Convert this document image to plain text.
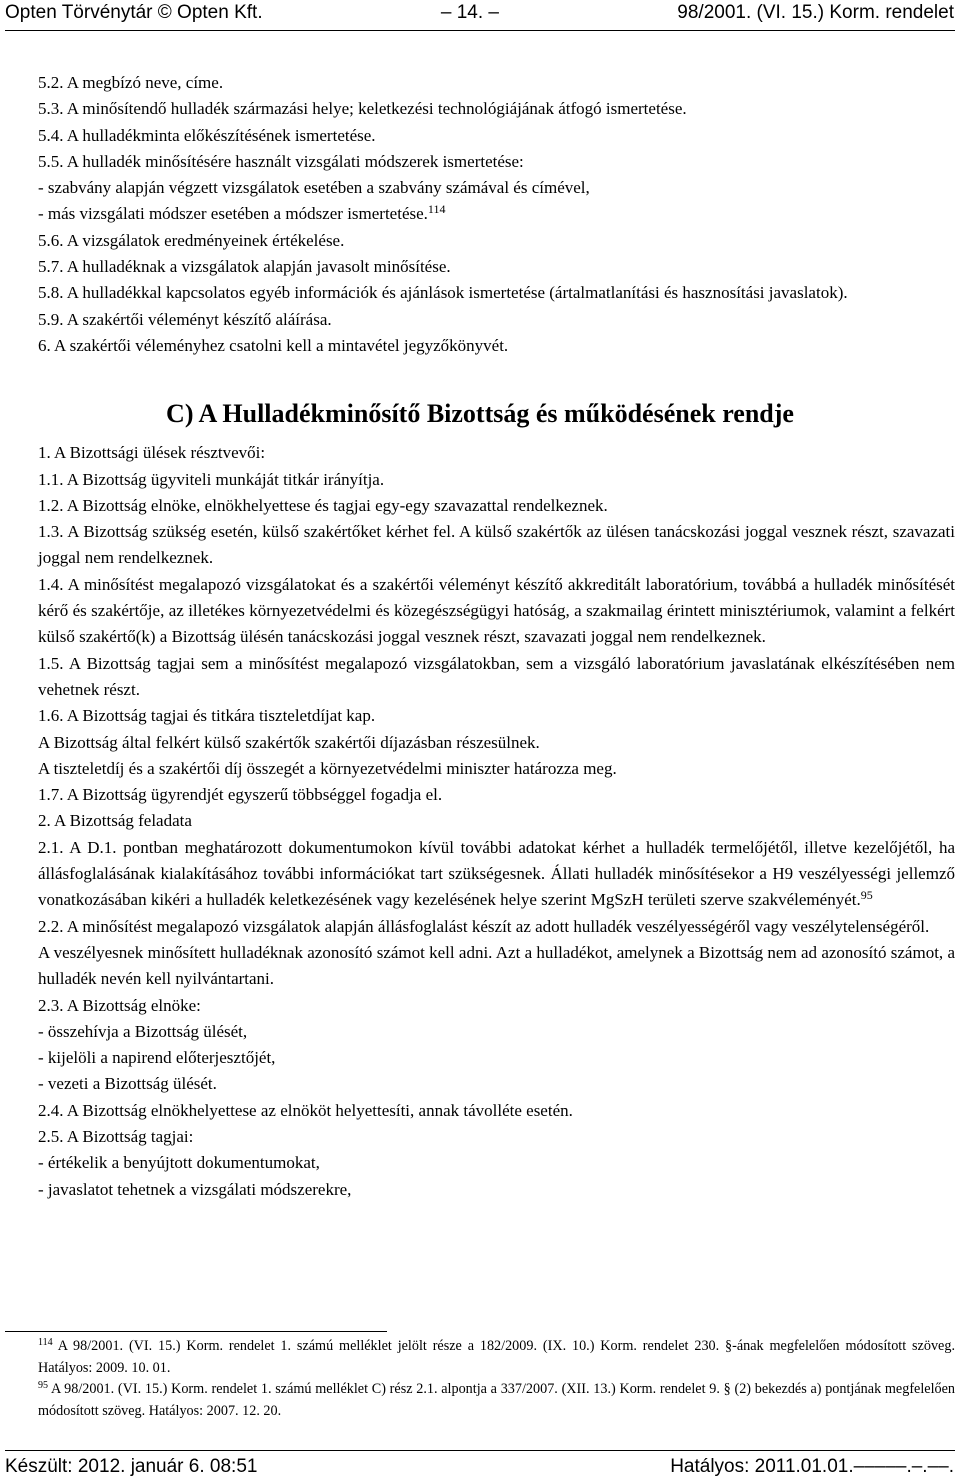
Opten Törvénytár © Opten Kft.	– 14. –	98/2001. (VI. 15.) Korm. rendelet

5.2. A megbízó neve, címe.

5.3. A minősítendő hulladék származási helye; keletkezési technológiájának átfogó ismertetése.

5.4. A hulladékminta előkészítésének ismertetése.

5.5. A hulladék minősítésére használt vizsgálati módszerek ismertetése:

- szabvány alapján végzett vizsgálatok esetében a szabvány számával és címével,

- más vizsgálati módszer esetében a módszer ismertetése.$^{114}$

5.6. A vizsgálatok eredményeinek értékelése.

5.7. A hulladéknak a vizsgálatok alapján javasolt minősítése.

5.8. A hulladékkal kapcsolatos egyéb információk és ajánlások ismertetése (ártalmatlanítási és hasznosítási javaslatok).

5.9. A szakértői véleményt készítő aláírása.

6. A szakértői véleményhez csatolni kell a mintavétel jegyzőkönyvét.

C) A Hulladékminősítő Bizottság és működésének rendje

1. A Bizottsági ülések résztvevői:

1.1. A Bizottság ügyviteli munkáját titkár irányítja.

1.2. A Bizottság elnöke, elnökhelyettese és tagjai egy-egy szavazattal rendelkeznek.

1.3. A Bizottság szükség esetén, külső szakértőket kérhet fel. A külső szakértők az ülésen tanácskozási joggal vesznek részt, szavazati joggal nem rendelkeznek.

1.4. A minősítést megalapozó vizsgálatokat és a szakértői véleményt készítő akkreditált laboratórium, továbbá a hulladék minősítését kérő és szakértője, az illetékes környezetvédelmi és közegészségügyi hatóság, a szakmailag érintett minisztériumok, valamint a felkért külső szakértő(k) a Bizottság ülésén tanácskozási joggal vesznek részt, szavazati joggal nem rendelkeznek.

1.5. A Bizottság tagjai sem a minősítést megalapozó vizsgálatokban, sem a vizsgáló laboratórium javaslatának elkészítésében nem vehetnek részt.

1.6. A Bizottság tagjai és titkára tiszteletdíjat kap.

A Bizottság által felkért külső szakértők szakértői díjazásban részesülnek.

A tiszteletdíj és a szakértői díj összegét a környezetvédelmi miniszter határozza meg.

1.7. A Bizottság ügyrendjét egyszerű többséggel fogadja el.

2. A Bizottság feladata

2.1. A D.1. pontban meghatározott dokumentumokon kívül további adatokat kérhet a hulladék termelőjétől, illetve kezelőjétől, ha állásfoglalásának kialakításához további információkat tart szükségesnek. Állati hulladék minősítésekor a H9 veszélyességi jellemző vonatkozásában kikéri a hulladék keletkezésének vagy kezelésének helye szerint MgSzH területi szerve szakvéleményét.$^{95}$

2.2. A minősítést megalapozó vizsgálatok alapján állásfoglalást készít az adott hulladék veszélyességéről vagy veszélytelenségéről.

A veszélyesnek minősített hulladéknak azonosító számot kell adni. Azt a hulladékot, amelynek a Bizottság nem ad azonosító számot, a hulladék nevén kell nyilvántartani.

2.3. A Bizottság elnöke:

- összehívja a Bizottság ülését,

- kijelöli a napirend előterjesztőjét,

- vezeti a Bizottság ülését.

2.4. A Bizottság elnökhelyettese az elnököt helyettesíti, annak távolléte esetén.

2.5. A Bizottság tagjai:

- értékelik a benyújtott dokumentumokat,

- javaslatot tehetnek a vizsgálati módszerekre,

$^{114}$ A 98/2001. (VI. 15.) Korm. rendelet 1. számú melléklet jelölt része a 182/2009. (IX. 10.) Korm. rendelet 230. §-ának megfelelően módosított szöveg. Hatályos: 2009. 10. 01.

$^{95}$ A 98/2001. (VI. 15.) Korm. rendelet 1. számú melléklet C) rész 2.1. alpontja a 337/2007. (XII. 13.) Korm. rendelet 9. § (2) bekezdés a) pontjának megfelelően módosított szöveg. Hatályos: 2007. 12. 20.

Készült: 2012. január 6. 08:51	Hatályos: 2011.01.01.–––––.–.––.
